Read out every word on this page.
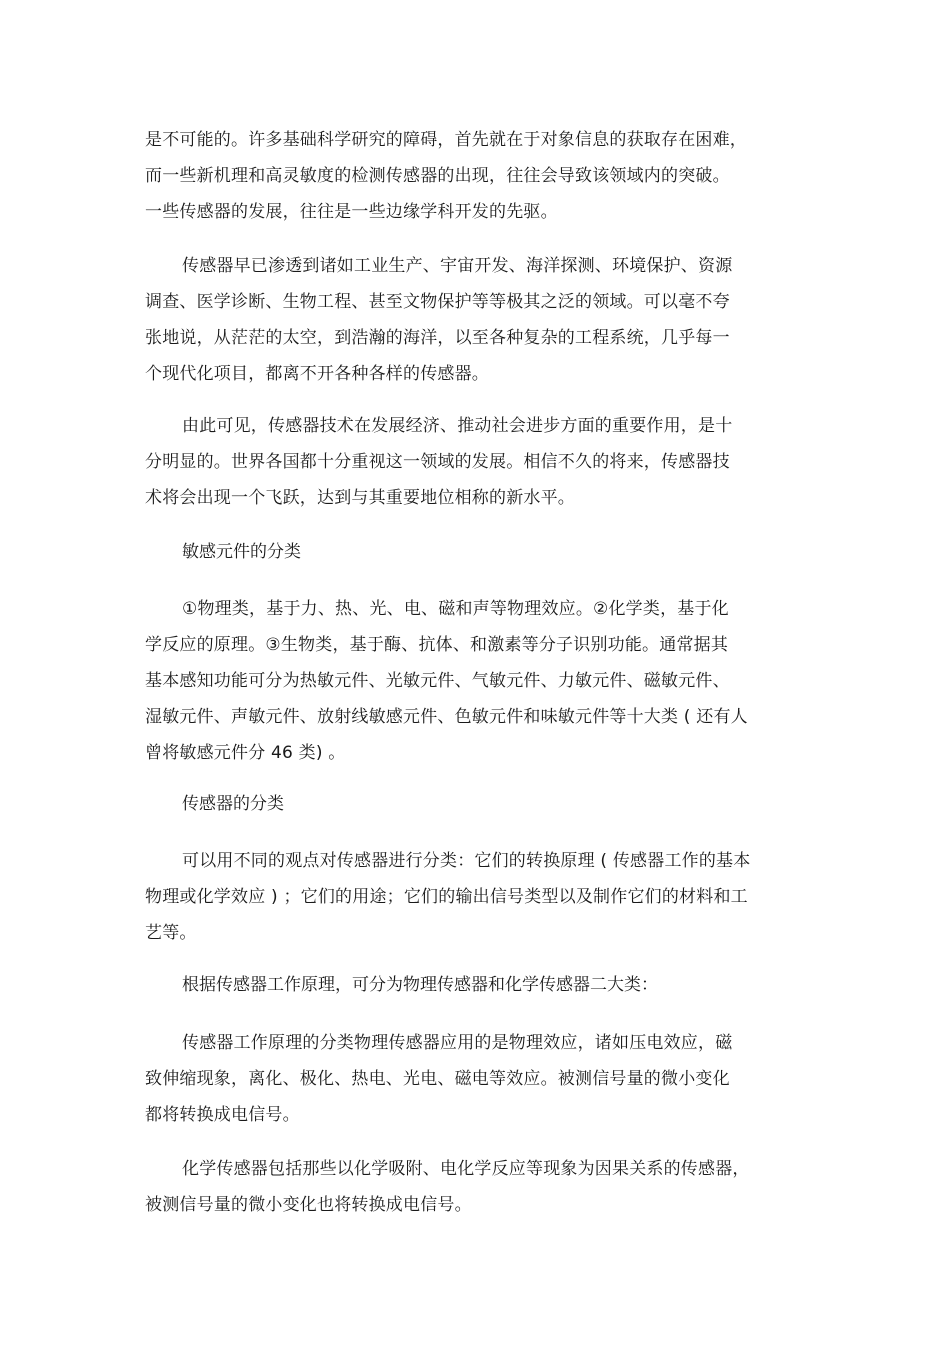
是不可能的。许多基础科学研究的障碍，首先就在于对象信息的获取存在困难，
而一些新机理和高灵敏度的检测传感器的出现，往往会导致该领域内的突破。
一些传感器的发展，往往是一些边缘学科开发的先驱。

传感器早已渗透到诸如工业生产、宇宙开发、海洋探测、环境保护、资源
调查、医学诊断、生物工程、甚至文物保护等等极其之泛的领域。可以毫不夸
张地说，从茫茫的太空，到浩瀚的海洋，以至各种复杂的工程系统，几乎每一
个现代化项目，都离不开各种各样的传感器。

由此可见，传感器技术在发展经济、推动社会进步方面的重要作用，是十
分明显的。世界各国都十分重视这一领域的发展。相信不久的将来，传感器技
术将会出现一个飞跃，达到与其重要地位相称的新水平。

敏感元件的分类

①物理类，基于力、热、光、电、磁和声等物理效应。②化学类，基于化
学反应的原理。③生物类，基于酶、抗体、和激素等分子识别功能。通常据其
基本感知功能可分为热敏元件、光敏元件、气敏元件、力敏元件、磁敏元件、
湿敏元件、声敏元件、放射线敏感元件、色敏元件和味敏元件等十大类 ( 还有人
曾将敏感元件分 46 类) 。

传感器的分类

可以用不同的观点对传感器进行分类：它们的转换原理 ( 传感器工作的基本
物理或化学效应 ) ；它们的用途；它们的输出信号类型以及制作它们的材料和工
艺等。

根据传感器工作原理，可分为物理传感器和化学传感器二大类：

传感器工作原理的分类物理传感器应用的是物理效应，诸如压电效应，磁
致伸缩现象，离化、极化、热电、光电、磁电等效应。被测信号量的微小变化
都将转换成电信号。

化学传感器包括那些以化学吸附、电化学反应等现象为因果关系的传感器，
被测信号量的微小变化也将转换成电信号。
